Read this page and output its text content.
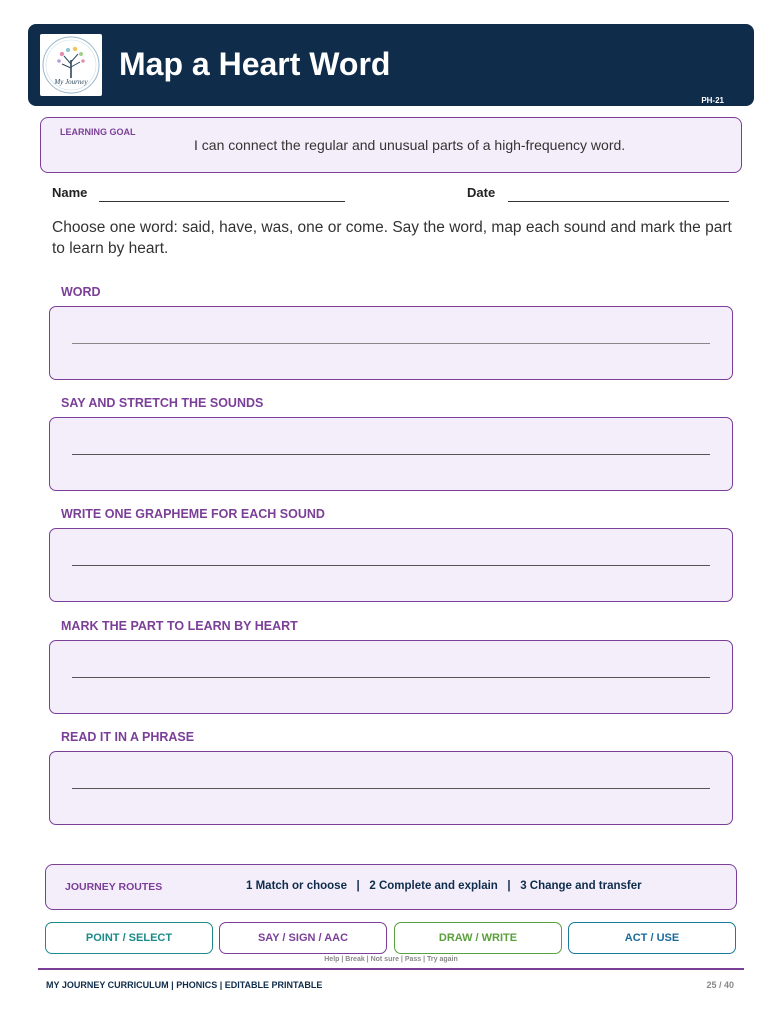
My Journey Map a Heart Word
PH-21
LEARNING GOAL
I can connect the regular and unusual parts of a high-frequency word.
Name	Date
Choose one word: said, have, was, one or come. Say the word, map each sound and mark the part to learn by heart.
WORD
SAY AND STRETCH THE SOUNDS
WRITE ONE GRAPHEME FOR EACH SOUND
MARK THE PART TO LEARN BY HEART
READ IT IN A PHRASE
JOURNEY ROUTES	1 Match or choose   |   2 Complete and explain   |   3 Change and transfer
POINT / SELECT	SAY / SIGN / AAC	DRAW / WRITE	ACT / USE
Help | Break | Not sure | Pass | Try again
MY JOURNEY CURRICULUM | PHONICS | EDITABLE PRINTABLE	25 / 40
